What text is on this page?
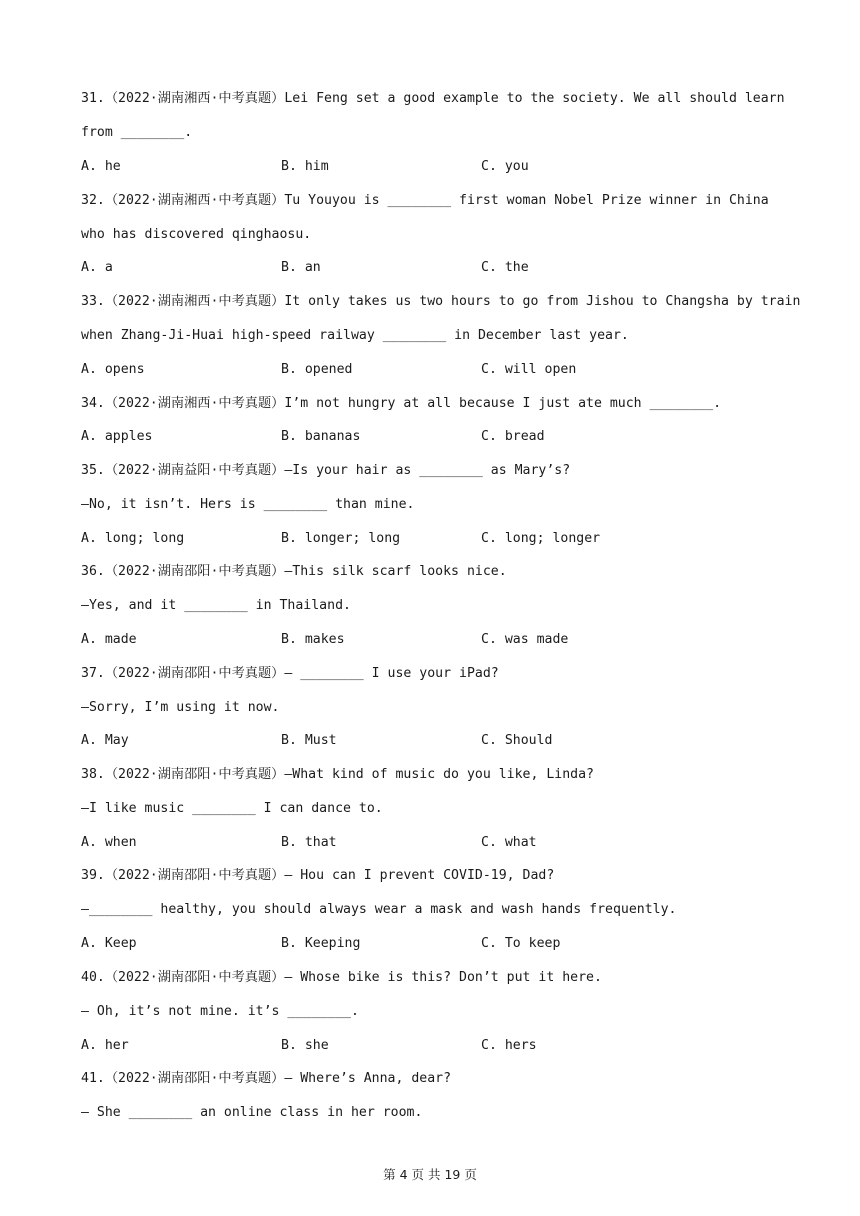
31.（2022·湖南湘西·中考真题）Lei Feng set a good example to the society. We all should learn
from ________.
A. he	B. him	C. you
32.（2022·湖南湘西·中考真题）Tu Youyou is ________ first woman Nobel Prize winner in China
who has discovered qinghaosu.
A. a	B. an	C. the
33.（2022·湖南湘西·中考真题）It only takes us two hours to go from Jishou to Changsha by train
when Zhang-Ji-Huai high-speed railway ________ in December last year.
A. opens	B. opened	C. will open
34.（2022·湖南湘西·中考真题）I’m not hungry at all because I just ate much ________.
A. apples	B. bananas	C. bread
35.（2022·湖南益阳·中考真题）—Is your hair as ________ as Mary’s?
—No, it isn’t. Hers is ________ than mine.
A. long; long	B. longer; long	C. long; longer
36.（2022·湖南邵阳·中考真题）—This silk scarf looks nice.
—Yes, and it ________ in Thailand.
A. made	B. makes	C. was made
37.（2022·湖南邵阳·中考真题）— ________ I use your iPad?
—Sorry, I’m using it now.
A. May	B. Must	C. Should
38.（2022·湖南邵阳·中考真题）—What kind of music do you like, Linda?
—I like music ________ I can dance to.
A. when	B. that	C. what
39.（2022·湖南邵阳·中考真题）— Hou can I prevent COVID-19, Dad?
—________ healthy, you should always wear a mask and wash hands frequently.
A. Keep	B. Keeping	C. To keep
40.（2022·湖南邵阳·中考真题）— Whose bike is this? Don’t put it here.
— Oh, it’s not mine. it’s ________.
A. her	B. she	C. hers
41.（2022·湖南邵阳·中考真题）— Where’s Anna, dear?
— She ________ an online class in her room.
第 4 页 共 19 页
